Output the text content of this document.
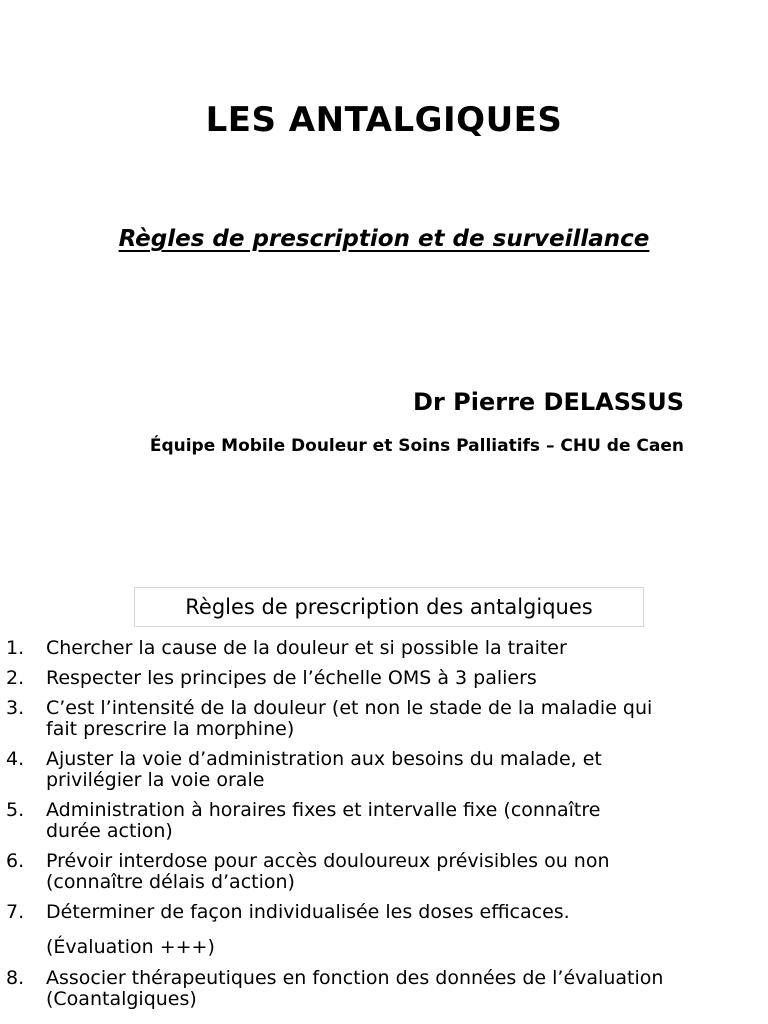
LES ANTALGIQUES
Règles de prescription et de surveillance
Dr Pierre DELASSUS
Équipe Mobile Douleur et Soins Palliatifs – CHU de Caen
Règles de prescription des antalgiques
1.	Chercher la cause de la douleur et si possible la traiter
2.	Respecter les principes de l’échelle OMS à 3 paliers
3.	C’est l’intensité de la douleur (et non le stade de la maladie qui
fait prescrire la morphine)
4.	Ajuster la voie d’administration aux besoins du malade, et
privilégier la voie orale
5.	Administration à horaires fixes et intervalle fixe (connaître
durée action)
6.	Prévoir interdose pour accès douloureux prévisibles ou non
(connaître délais d’action)
7.	Déterminer de façon individualisée les doses efficaces.
(Évaluation +++)
8.	Associer thérapeutiques en fonction des données de l’évaluation
(Coantalgiques)
